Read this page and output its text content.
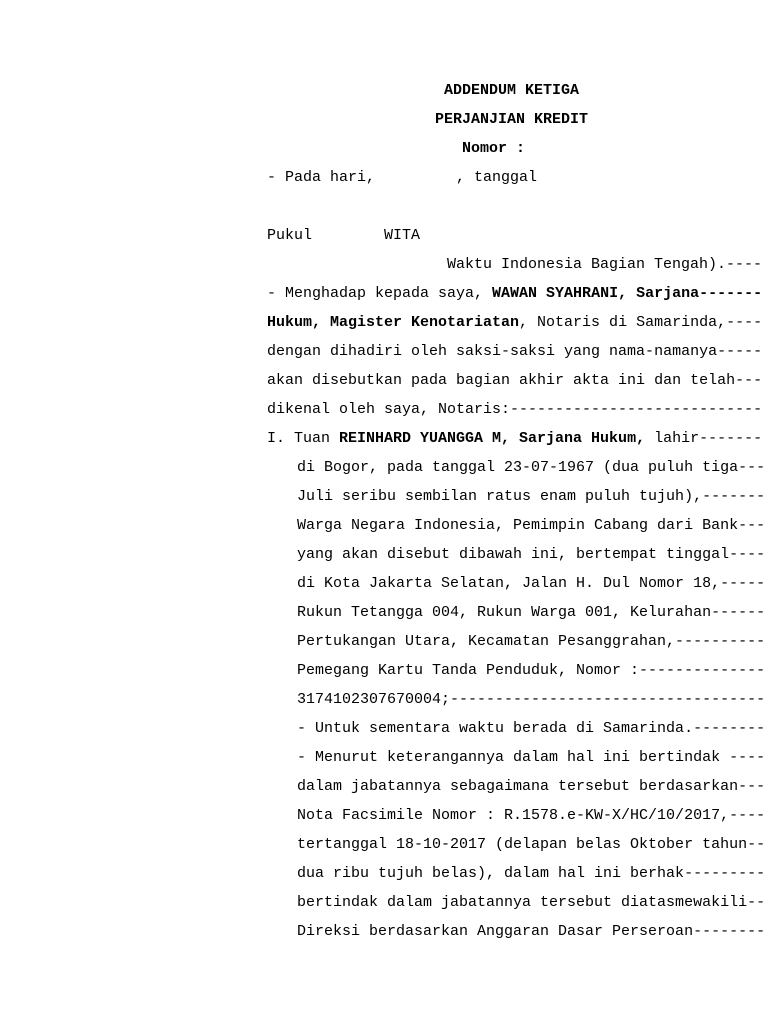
ADDENDUM KETIGA
PERJANJIAN KREDIT
Nomor :
- Pada hari,         , tanggal
Pukul        WITA
Waktu Indonesia Bagian Tengah).----
- Menghadap kepada saya, WAWAN SYAHRANI, Sarjana-------
Hukum, Magister Kenotariatan, Notaris di Samarinda,----
dengan dihadiri oleh saksi-saksi yang nama-namanya-----
akan disebutkan pada bagian akhir akta ini dan telah---
dikenal oleh saya, Notaris:----------------------------
I. Tuan REINHARD YUANGGA M, Sarjana Hukum, lahir-------
di Bogor, pada tanggal 23-07-1967 (dua puluh tiga---
Juli seribu sembilan ratus enam puluh tujuh),-------
Warga Negara Indonesia, Pemimpin Cabang dari Bank---
yang akan disebut dibawah ini, bertempat tinggal----
di Kota Jakarta Selatan, Jalan H. Dul Nomor 18,-----
Rukun Tetangga 004, Rukun Warga 001, Kelurahan------
Pertukangan Utara, Kecamatan Pesanggrahan,----------
Pemegang Kartu Tanda Penduduk, Nomor :--------------
3174102307670004;-----------------------------------
- Untuk sementara waktu berada di Samarinda.--------
- Menurut keterangannya dalam hal ini bertindak ----
dalam jabatannya sebagaimana tersebut berdasarkan---
Nota Facsimile Nomor : R.1578.e-KW-X/HC/10/2017,----
tertanggal 18-10-2017 (delapan belas Oktober tahun--
dua ribu tujuh belas), dalam hal ini berhak---------
bertindak dalam jabatannya tersebut diatasmewakili--
Direksi berdasarkan Anggaran Dasar Perseroan--------
